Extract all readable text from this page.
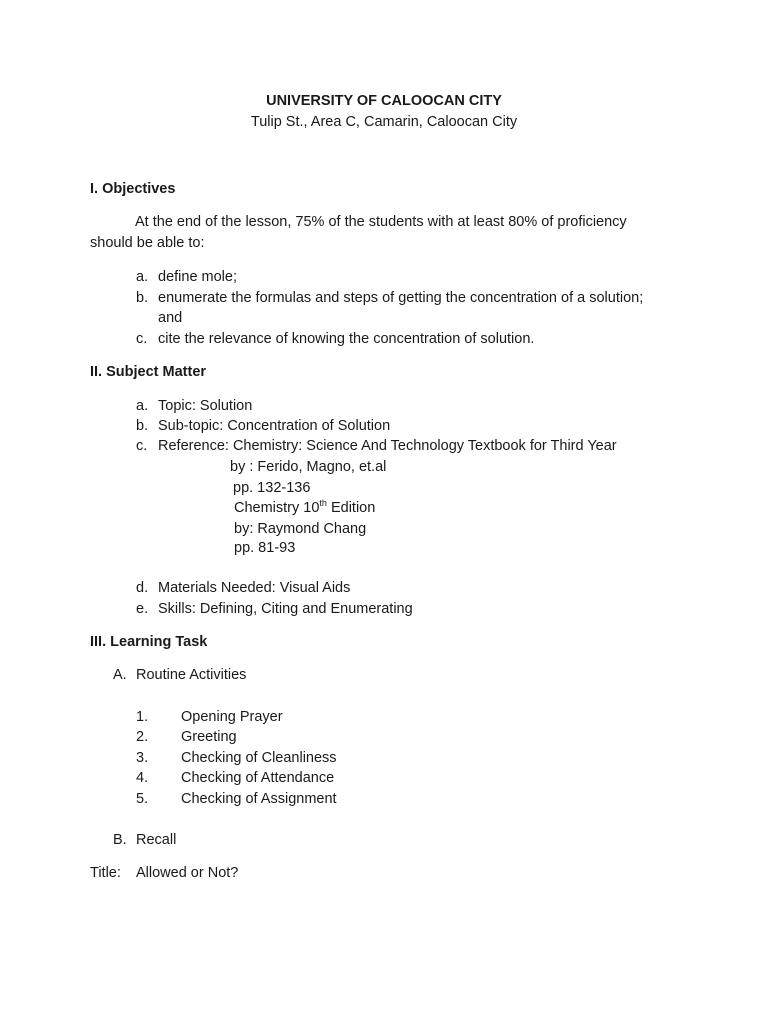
UNIVERSITY OF CALOOCAN CITY
Tulip St., Area C, Camarin, Caloocan City
I. Objectives
At the end of the lesson, 75% of the students with at least 80% of proficiency
should be able to:
a. define mole;
b. enumerate the formulas and steps of getting the concentration of a solution;
and
c. cite the relevance of knowing the concentration of solution.
II. Subject Matter
a. Topic: Solution
b. Sub-topic: Concentration of Solution
c. Reference: Chemistry: Science And Technology Textbook for Third Year
by : Ferido, Magno, et.al
pp. 132-136
Chemistry 10th Edition
by: Raymond Chang
pp. 81-93
d. Materials Needed: Visual Aids
e. Skills: Defining, Citing and Enumerating
III. Learning Task
A. Routine Activities
1. Opening Prayer
2. Greeting
3. Checking of Cleanliness
4. Checking of Attendance
5. Checking of Assignment
B. Recall
Title: Allowed or Not?
